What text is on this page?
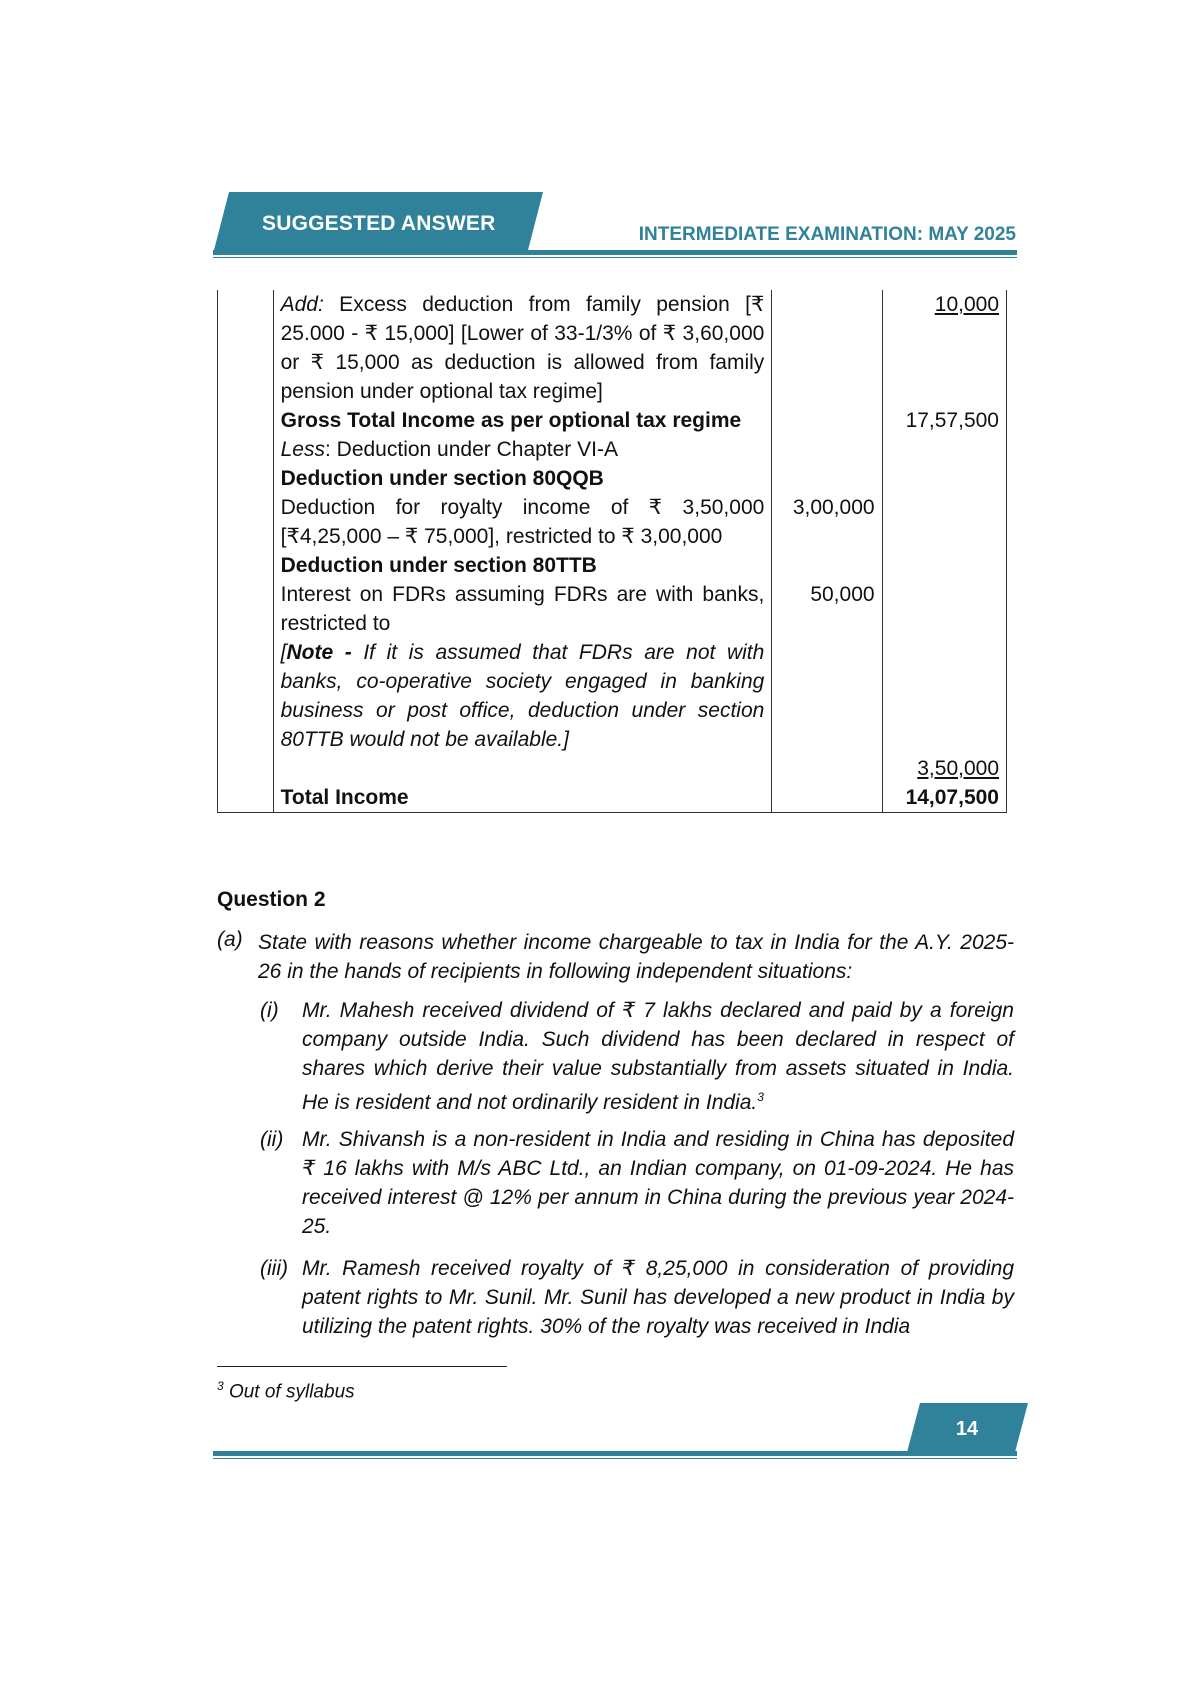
SUGGESTED ANSWER	INTERMEDIATE EXAMINATION: MAY 2025
	Add: Excess deduction from family pension [₹ 25.000 - ₹ 15,000] [Lower of 33-1/3% of ₹ 3,60,000 or ₹ 15,000 as deduction is allowed from family pension under optional tax regime]		10,000
	Gross Total Income as per optional tax regime		17,57,500
	Less: Deduction under Chapter VI-A		
	Deduction under section 80QQB		
	Deduction for royalty income of ₹ 3,50,000 [₹4,25,000 – ₹ 75,000], restricted to ₹ 3,00,000	3,00,000	
	Deduction under section 80TTB		
	Interest on FDRs assuming FDRs are with banks, restricted to	50,000	
	[Note - If it is assumed that FDRs are not with banks, co-operative society engaged in banking business or post office, deduction under section 80TTB would not be available.]		
			3,50,000
	Total Income		14,07,500
Question 2
(a) State with reasons whether income chargeable to tax in India for the A.Y. 2025-26 in the hands of recipients in following independent situations:
(i) Mr. Mahesh received dividend of ₹ 7 lakhs declared and paid by a foreign company outside India. Such dividend has been declared in respect of shares which derive their value substantially from assets situated in India. He is resident and not ordinarily resident in India.$^3$
(ii) Mr. Shivansh is a non-resident in India and residing in China has deposited ₹ 16 lakhs with M/s ABC Ltd., an Indian company, on 01-09-2024. He has received interest @ 12% per annum in China during the previous year 2024-25.
(iii) Mr. Ramesh received royalty of ₹ 8,25,000 in consideration of providing patent rights to Mr. Sunil. Mr. Sunil has developed a new product in India by utilizing the patent rights. 30% of the royalty was received in India
$^3$ Out of syllabus
14
